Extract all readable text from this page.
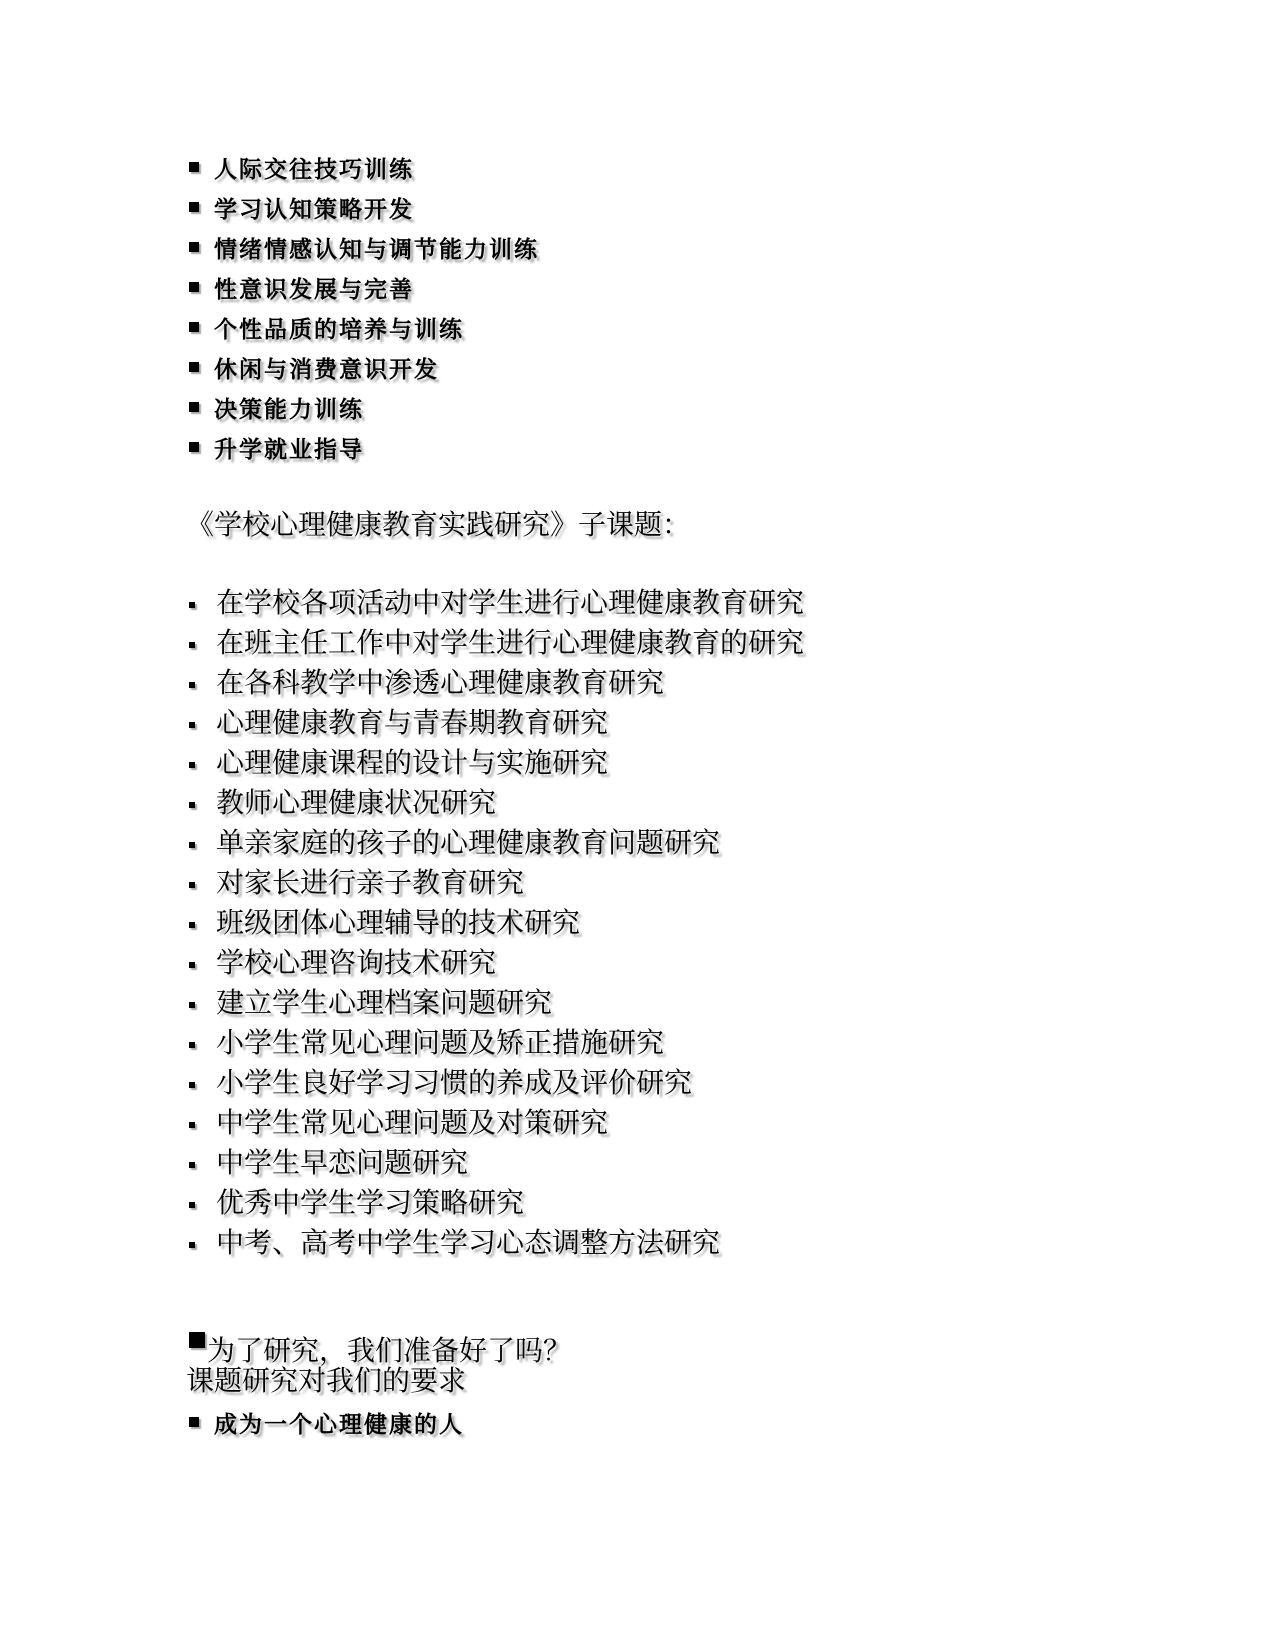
人际交往技巧训练
学习认知策略开发
情绪情感认知与调节能力训练
性意识发展与完善
个性品质的培养与训练
休闲与消费意识开发
决策能力训练
升学就业指导

《学校心理健康教育实践研究》子课题：

在学校各项活动中对学生进行心理健康教育研究
在班主任工作中对学生进行心理健康教育的研究
在各科教学中渗透心理健康教育研究
心理健康教育与青春期教育研究
心理健康课程的设计与实施研究
教师心理健康状况研究
单亲家庭的孩子的心理健康教育问题研究
对家长进行亲子教育研究
班级团体心理辅导的技术研究
学校心理咨询技术研究
建立学生心理档案问题研究
小学生常见心理问题及矫正措施研究
小学生良好学习习惯的养成及评价研究
中学生常见心理问题及对策研究
中学生早恋问题研究
优秀中学生学习策略研究
中考、高考中学生学习心态调整方法研究
为了研究，我们准备好了吗？

课题研究对我们的要求

成为一个心理健康的人
